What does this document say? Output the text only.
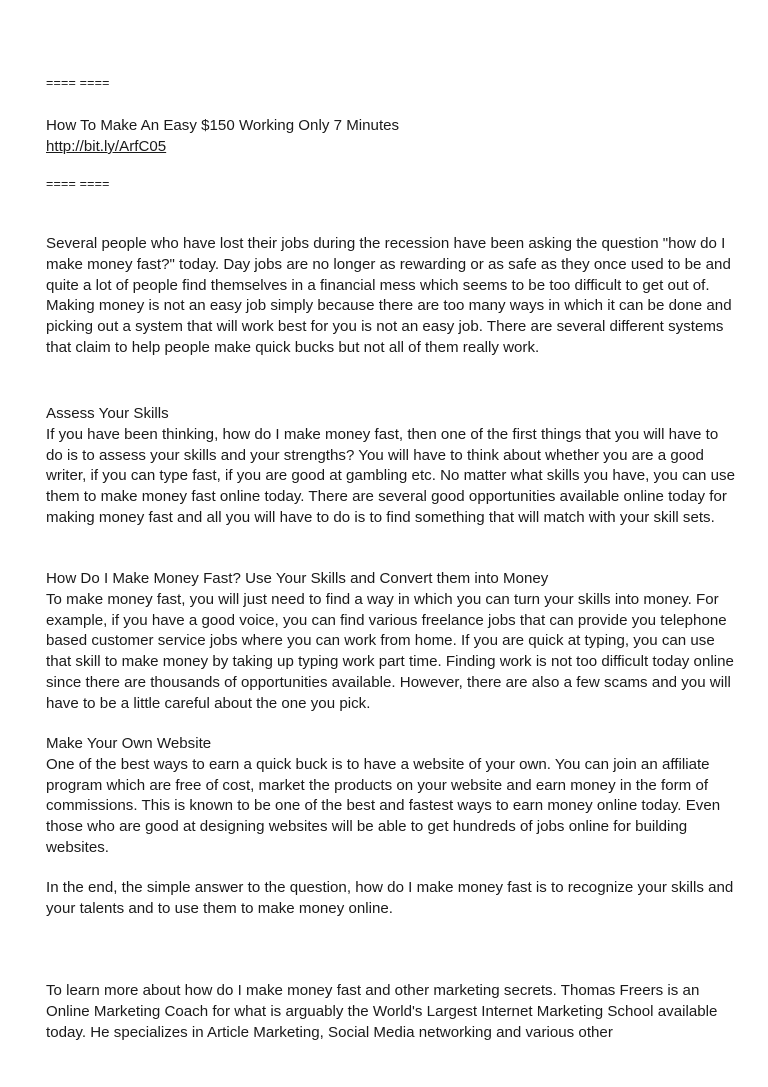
==== ====
How To Make An Easy $150 Working Only 7 Minutes
http://bit.ly/ArfC05
==== ====

Several people who have lost their jobs during the recession have been asking the question "how do I make money fast?" today. Day jobs are no longer as rewarding or as safe as they once used to be and quite a lot of people find themselves in a financial mess which seems to be too difficult to get out of. Making money is not an easy job simply because there are too many ways in which it can be done and picking out a system that will work best for you is not an easy job. There are several different systems that claim to help people make quick bucks but not all of them really work.

Assess Your Skills

If you have been thinking, how do I make money fast, then one of the first things that you will have to do is to assess your skills and your strengths? You will have to think about whether you are a good writer, if you can type fast, if you are good at gambling etc. No matter what skills you have, you can use them to make money fast online today. There are several good opportunities available online today for making money fast and all you will have to do is to find something that will match with your skill sets.

How Do I Make Money Fast? Use Your Skills and Convert them into Money

To make money fast, you will just need to find a way in which you can turn your skills into money. For example, if you have a good voice, you can find various freelance jobs that can provide you telephone based customer service jobs where you can work from home. If you are quick at typing, you can use that skill to make money by taking up typing work part time. Finding work is not too difficult today online since there are thousands of opportunities available. However, there are also a few scams and you will have to be a little careful about the one you pick.

Make Your Own Website

One of the best ways to earn a quick buck is to have a website of your own. You can join an affiliate program which are free of cost, market the products on your website and earn money in the form of commissions. This is known to be one of the best and fastest ways to earn money online today. Even those who are good at designing websites will be able to get hundreds of jobs online for building websites.

In the end, the simple answer to the question, how do I make money fast is to recognize your skills and your talents and to use them to make money online.

To learn more about how do I make money fast and other marketing secrets. Thomas Freers is an Online Marketing Coach for what is arguably the World's Largest Internet Marketing School available today. He specializes in Article Marketing, Social Media networking and various other
